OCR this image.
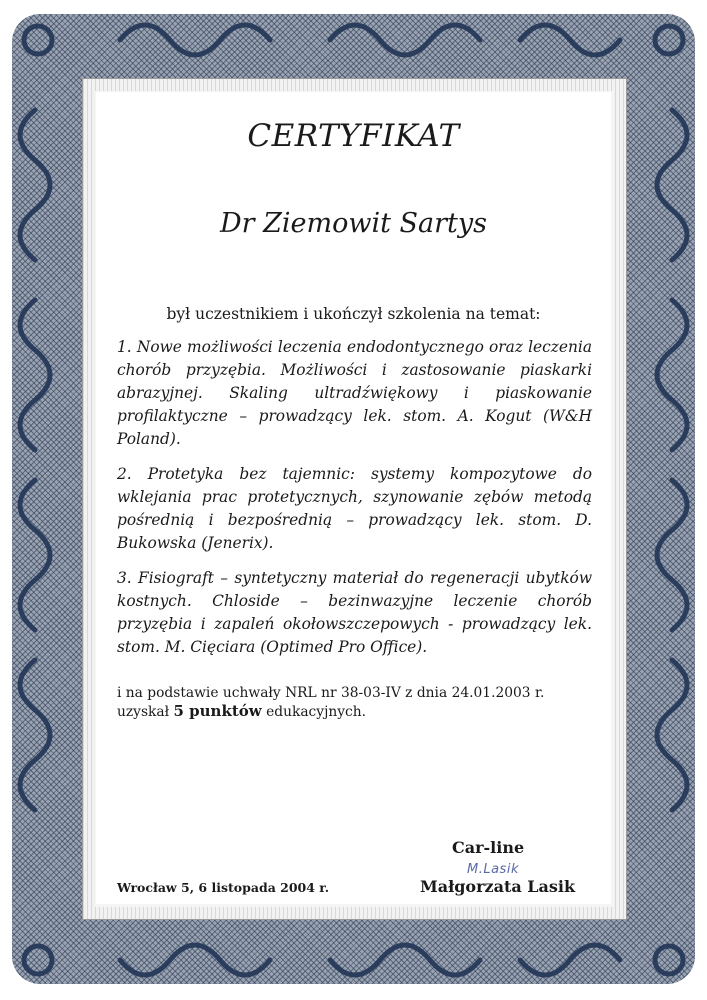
CERTYFIKAT
Dr Ziemowit Sartys
był uczestnikiem i ukończył szkolenia na temat:

1. Nowe możliwości leczenia endodontycznego oraz leczenia chorób przyzębia. Możliwości i zastosowanie piaskarki abrazyjnej. Skaling ultradźwiękowy i piaskowanie profilaktyczne – prowadzący lek. stom. A. Kogut (W&H Poland).

2. Protetyka bez tajemnic: systemy kompozytowe do wklejania prac protetycznych, szynowanie zębów metodą pośrednią i bezpośrednią – prowadzący lek. stom. D. Bukowska (Jenerix).

3. Fisiograft – syntetyczny materiał do regeneracji ubytków kostnych. Chloside – bezinwazyjne leczenie chorób przyzębia i zapaleń okołowszczepowych - prowadzący lek. stom. M. Cięciara (Optimed Pro Office).

i na podstawie uchwały NRL nr 38-03-IV z dnia 24.01.2003 r.
uzyskał 5 punktów edukacyjnych.
Wrocław 5, 6 listopada 2004 r.
Car-line
M.Lasik
Małgorzata Lasik
